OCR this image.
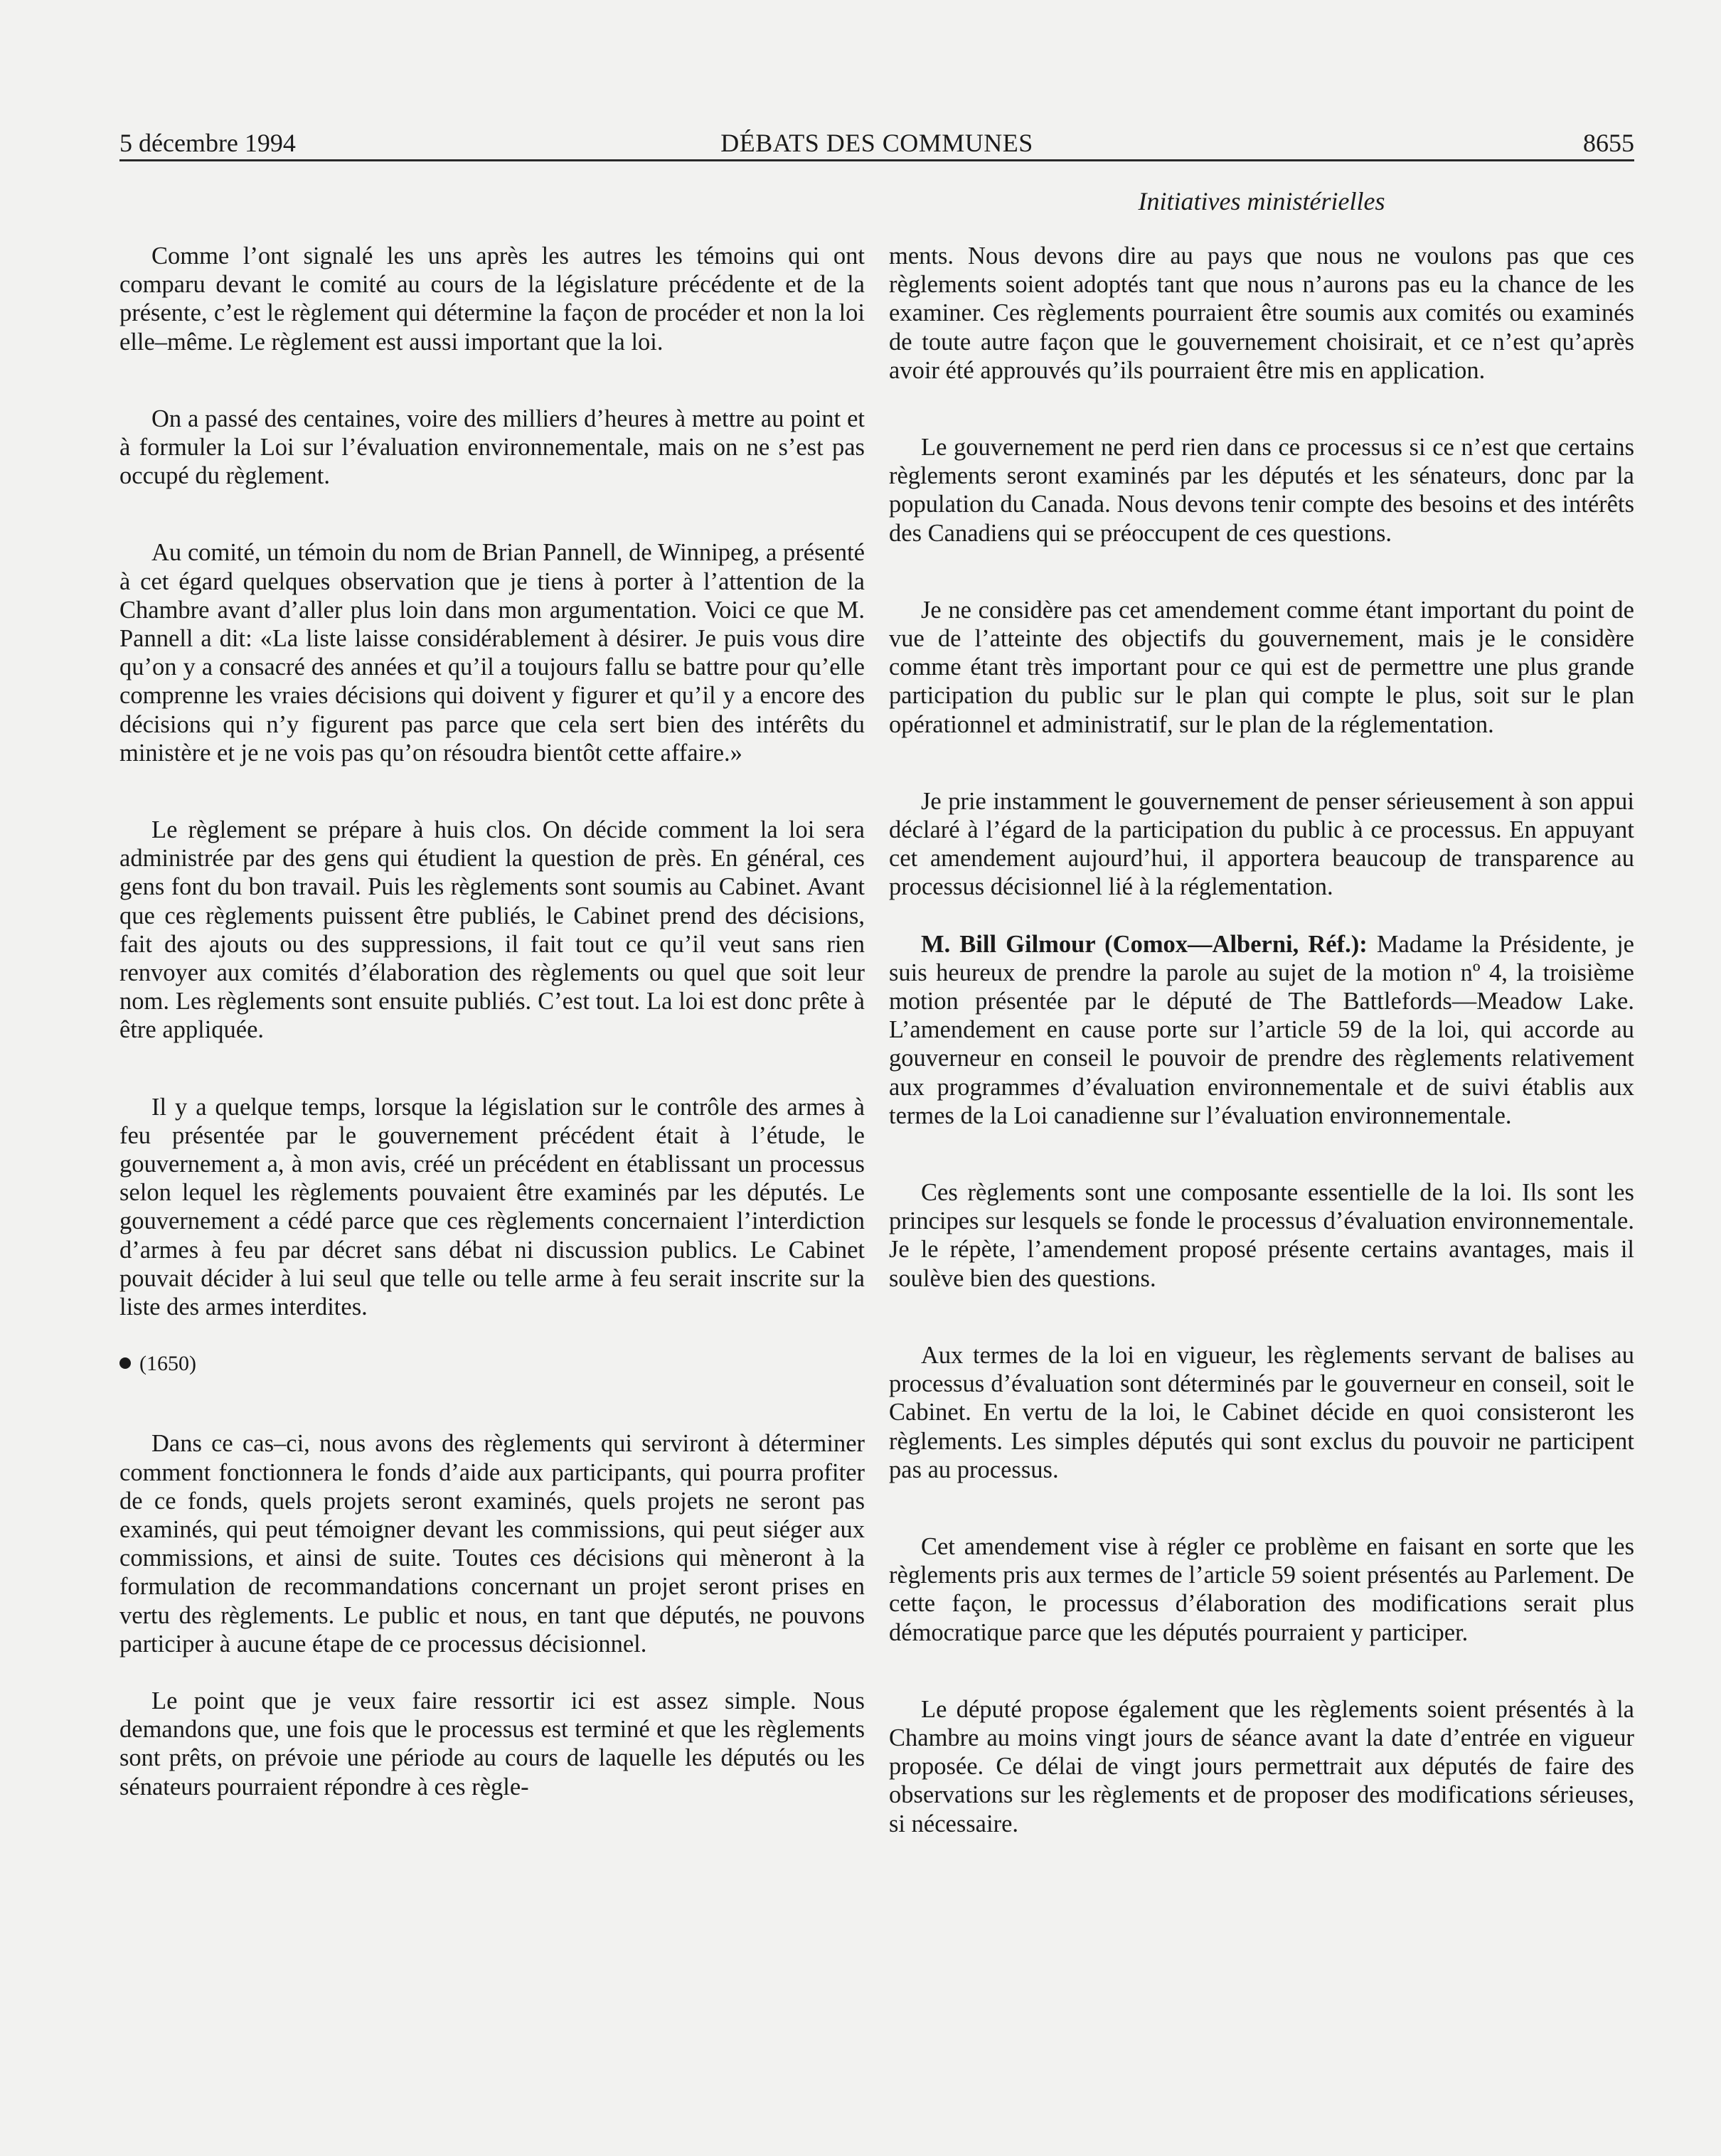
5 décembre 1994	DÉBATS DES COMMUNES	8655
Initiatives ministérielles

Comme l’ont signalé les uns après les autres les témoins qui ont comparu devant le comité au cours de la législature précédente et de la présente, c’est le règlement qui détermine la façon de procéder et non la loi elle–même. Le règlement est aussi important que la loi.

On a passé des centaines, voire des milliers d’heures à mettre au point et à formuler la Loi sur l’évaluation environnementale, mais on ne s’est pas occupé du règlement.

Au comité, un témoin du nom de Brian Pannell, de Winnipeg, a présenté à cet égard quelques observation que je tiens à porter à l’attention de la Chambre avant d’aller plus loin dans mon argumentation. Voici ce que M. Pannell a dit: «La liste laisse considérablement à désirer. Je puis vous dire qu’on y a consacré des années et qu’il a toujours fallu se battre pour qu’elle comprenne les vraies décisions qui doivent y figurer et qu’il y a encore des décisions qui n’y figurent pas parce que cela sert bien des intérêts du ministère et je ne vois pas qu’on résoudra bientôt cette affaire.»

Le règlement se prépare à huis clos. On décide comment la loi sera administrée par des gens qui étudient la question de près. En général, ces gens font du bon travail. Puis les règlements sont soumis au Cabinet. Avant que ces règlements puissent être publiés, le Cabinet prend des décisions, fait des ajouts ou des suppressions, il fait tout ce qu’il veut sans rien renvoyer aux comités d’élaboration des règlements ou quel que soit leur nom. Les règlements sont ensuite publiés. C’est tout. La loi est donc prête à être appliquée.

Il y a quelque temps, lorsque la législation sur le contrôle des armes à feu présentée par le gouvernement précédent était à l’étude, le gouvernement a, à mon avis, créé un précédent en établissant un processus selon lequel les règlements pouvaient être examinés par les députés. Le gouvernement a cédé parce que ces règlements concernaient l’interdiction d’armes à feu par décret sans débat ni discussion publics. Le Cabinet pouvait décider à lui seul que telle ou telle arme à feu serait inscrite sur la liste des armes interdites.

(1650)

Dans ce cas–ci, nous avons des règlements qui serviront à déterminer comment fonctionnera le fonds d’aide aux participants, qui pourra profiter de ce fonds, quels projets seront examinés, quels projets ne seront pas examinés, qui peut témoigner devant les commissions, qui peut siéger aux commissions, et ainsi de suite. Toutes ces décisions qui mèneront à la formulation de recommandations concernant un projet seront prises en vertu des règlements. Le public et nous, en tant que députés, ne pouvons participer à aucune étape de ce processus décisionnel.

Le point que je veux faire ressortir ici est assez simple. Nous demandons que, une fois que le processus est terminé et que les règlements sont prêts, on prévoie une période au cours de laquelle les députés ou les sénateurs pourraient répondre à ces règle-

ments. Nous devons dire au pays que nous ne voulons pas que ces règlements soient adoptés tant que nous n’aurons pas eu la chance de les examiner. Ces règlements pourraient être soumis aux comités ou examinés de toute autre façon que le gouvernement choisirait, et ce n’est qu’après avoir été approuvés qu’ils pourraient être mis en application.

Le gouvernement ne perd rien dans ce processus si ce n’est que certains règlements seront examinés par les députés et les sénateurs, donc par la population du Canada. Nous devons tenir compte des besoins et des intérêts des Canadiens qui se préoccupent de ces questions.

Je ne considère pas cet amendement comme étant important du point de vue de l’atteinte des objectifs du gouvernement, mais je le considère comme étant très important pour ce qui est de permettre une plus grande participation du public sur le plan qui compte le plus, soit sur le plan opérationnel et administratif, sur le plan de la réglementation.

Je prie instamment le gouvernement de penser sérieusement à son appui déclaré à l’égard de la participation du public à ce processus. En appuyant cet amendement aujourd’hui, il apportera beaucoup de transparence au processus décisionnel lié à la réglementation.

M. Bill Gilmour (Comox—Alberni, Réf.): Madame la Présidente, je suis heureux de prendre la parole au sujet de la motion nº 4, la troisième motion présentée par le député de The Battlefords—Meadow Lake. L’amendement en cause porte sur l’article 59 de la loi, qui accorde au gouverneur en conseil le pouvoir de prendre des règlements relativement aux programmes d’évaluation environnementale et de suivi établis aux termes de la Loi canadienne sur l’évaluation environnementale.

Ces règlements sont une composante essentielle de la loi. Ils sont les principes sur lesquels se fonde le processus d’évaluation environnementale. Je le répète, l’amendement proposé présente certains avantages, mais il soulève bien des questions.

Aux termes de la loi en vigueur, les règlements servant de balises au processus d’évaluation sont déterminés par le gouverneur en conseil, soit le Cabinet. En vertu de la loi, le Cabinet décide en quoi consisteront les règlements. Les simples députés qui sont exclus du pouvoir ne participent pas au processus.

Cet amendement vise à régler ce problème en faisant en sorte que les règlements pris aux termes de l’article 59 soient présentés au Parlement. De cette façon, le processus d’élaboration des modifications serait plus démocratique parce que les députés pourraient y participer.

Le député propose également que les règlements soient présentés à la Chambre au moins vingt jours de séance avant la date d’entrée en vigueur proposée. Ce délai de vingt jours permettrait aux députés de faire des observations sur les règlements et de proposer des modifications sérieuses, si nécessaire.
